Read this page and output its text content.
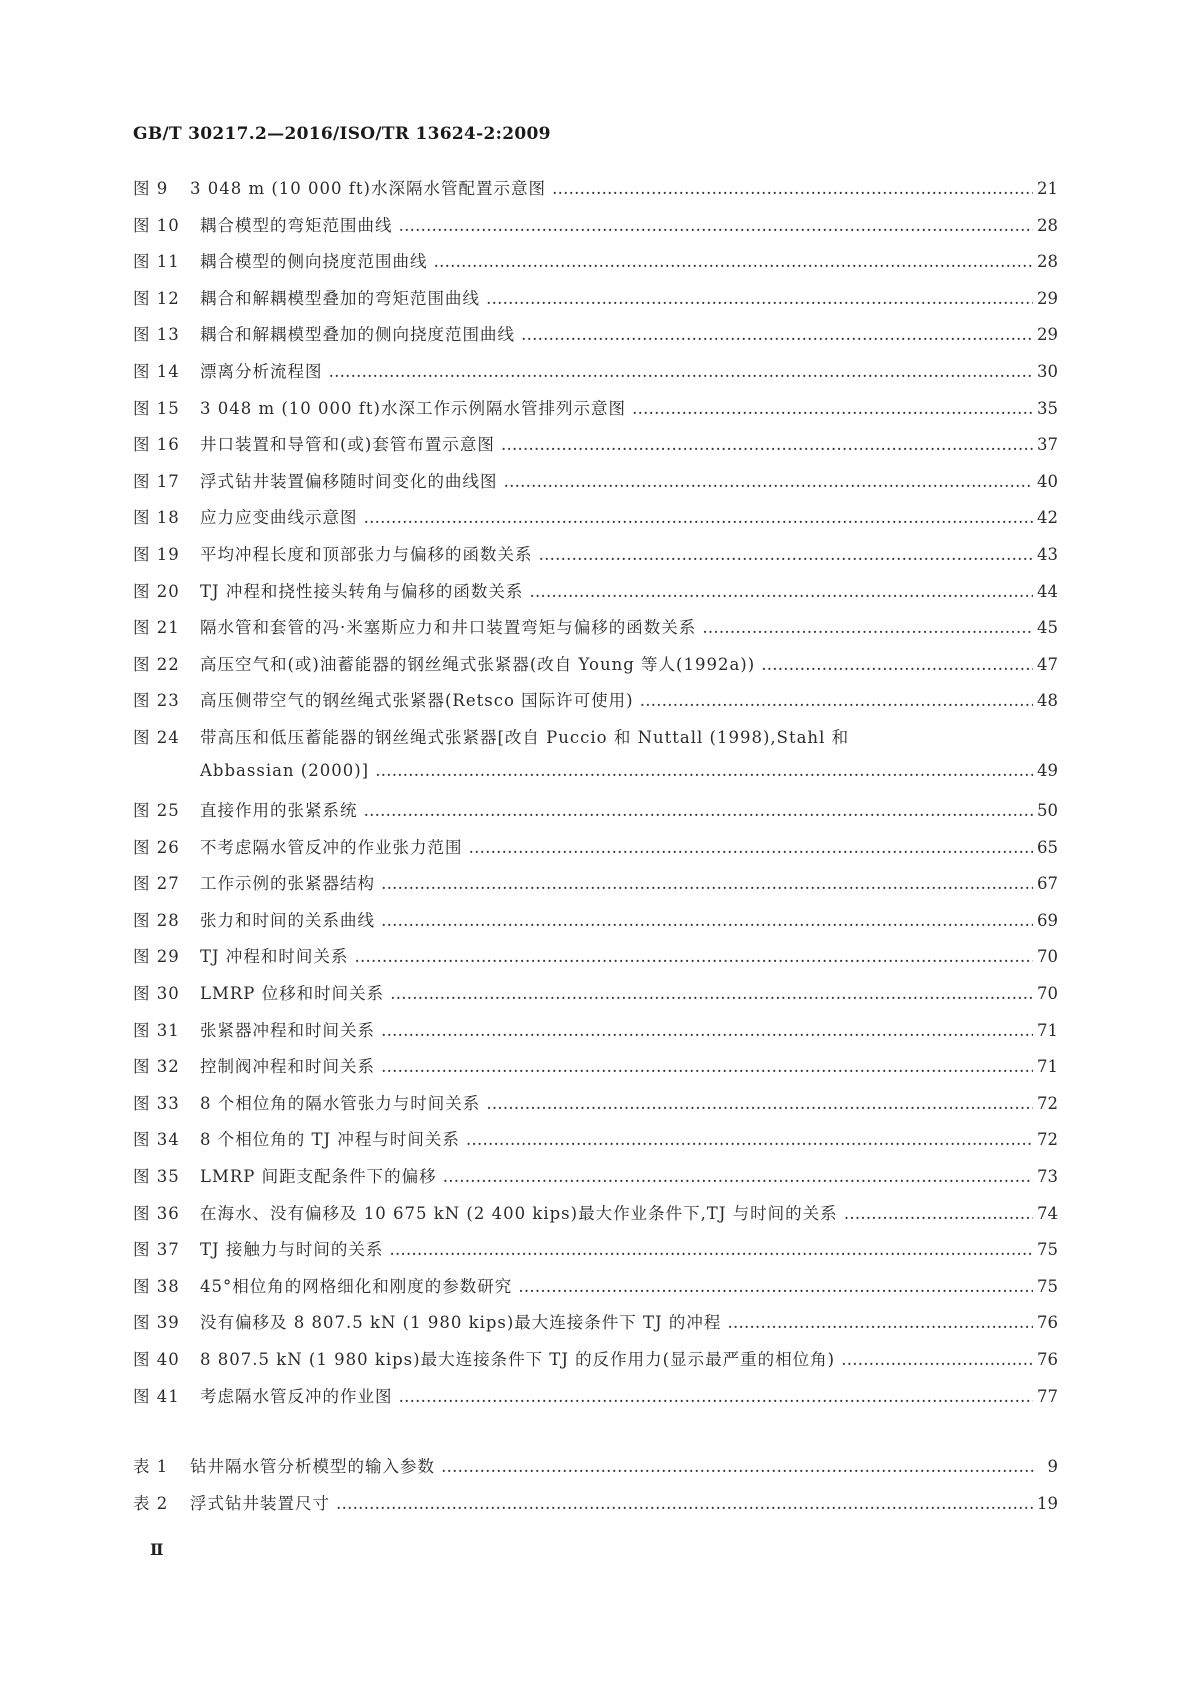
GB/T 30217.2—2016/ISO/TR 13624-2:2009
图 9	3 048 m (10 000 ft)水深隔水管配置示意图 …………………………………………………………………………………………………………………………………………………………………………………………………………………………………………………………………………………………………………	21
图 10	耦合模型的弯矩范围曲线 …………………………………………………………………………………………………………………………………………………………………………………………………………………………………………………………………………………………………………	28
图 11	耦合模型的侧向挠度范围曲线 …………………………………………………………………………………………………………………………………………………………………………………………………………………………………………………………………………………………………………	28
图 12	耦合和解耦模型叠加的弯矩范围曲线 …………………………………………………………………………………………………………………………………………………………………………………………………………………………………………………………………………………………………………	29
图 13	耦合和解耦模型叠加的侧向挠度范围曲线 …………………………………………………………………………………………………………………………………………………………………………………………………………………………………………………………………………………………………………	29
图 14	漂离分析流程图 …………………………………………………………………………………………………………………………………………………………………………………………………………………………………………………………………………………………………………	30
图 15	3 048 m (10 000 ft)水深工作示例隔水管排列示意图 …………………………………………………………………………………………………………………………………………………………………………………………………………………………………………………………………………………………………………	35
图 16	井口装置和导管和(或)套管布置示意图 …………………………………………………………………………………………………………………………………………………………………………………………………………………………………………………………………………………………………………	37
图 17	浮式钻井装置偏移随时间变化的曲线图 …………………………………………………………………………………………………………………………………………………………………………………………………………………………………………………………………………………………………………	40
图 18	应力应变曲线示意图 …………………………………………………………………………………………………………………………………………………………………………………………………………………………………………………………………………………………………………	42
图 19	平均冲程长度和顶部张力与偏移的函数关系 …………………………………………………………………………………………………………………………………………………………………………………………………………………………………………………………………………………………………………	43
图 20	TJ 冲程和挠性接头转角与偏移的函数关系 …………………………………………………………………………………………………………………………………………………………………………………………………………………………………………………………………………………………………………	44
图 21	隔水管和套管的冯·米塞斯应力和井口装置弯矩与偏移的函数关系 …………………………………………………………………………………………………………………………………………………………………………………………………………………………………………………………………………………………………………	45
图 22	高压空气和(或)油蓄能器的钢丝绳式张紧器(改自 Young 等人(1992a)) …………………………………………………………………………………………………………………………………………………………………………………………………………………………………………………………………………………………………………	47
图 23	高压侧带空气的钢丝绳式张紧器(Retsco 国际许可使用) …………………………………………………………………………………………………………………………………………………………………………………………………………………………………………………………………………………………………………	48
图 24	带高压和低压蓄能器的钢丝绳式张紧器[改自 Puccio 和 Nuttall (1998),Stahl 和
Abbassian (2000)] …………………………………………………………………………………………………………………………………………………………………………………………………………………………………………………………………………………………………………	49
图 25	直接作用的张紧系统 …………………………………………………………………………………………………………………………………………………………………………………………………………………………………………………………………………………………………………	50
图 26	不考虑隔水管反冲的作业张力范围 …………………………………………………………………………………………………………………………………………………………………………………………………………………………………………………………………………………………………………	65
图 27	工作示例的张紧器结构 …………………………………………………………………………………………………………………………………………………………………………………………………………………………………………………………………………………………………………	67
图 28	张力和时间的关系曲线 …………………………………………………………………………………………………………………………………………………………………………………………………………………………………………………………………………………………………………	69
图 29	TJ 冲程和时间关系 …………………………………………………………………………………………………………………………………………………………………………………………………………………………………………………………………………………………………………	70
图 30	LMRP 位移和时间关系 …………………………………………………………………………………………………………………………………………………………………………………………………………………………………………………………………………………………………………	70
图 31	张紧器冲程和时间关系 …………………………………………………………………………………………………………………………………………………………………………………………………………………………………………………………………………………………………………	71
图 32	控制阀冲程和时间关系 …………………………………………………………………………………………………………………………………………………………………………………………………………………………………………………………………………………………………………	71
图 33	8 个相位角的隔水管张力与时间关系 …………………………………………………………………………………………………………………………………………………………………………………………………………………………………………………………………………………………………………	72
图 34	8 个相位角的 TJ 冲程与时间关系 …………………………………………………………………………………………………………………………………………………………………………………………………………………………………………………………………………………………………………	72
图 35	LMRP 间距支配条件下的偏移 …………………………………………………………………………………………………………………………………………………………………………………………………………………………………………………………………………………………………………	73
图 36	在海水、没有偏移及 10 675 kN (2 400 kips)最大作业条件下,TJ 与时间的关系 …………………………………………………………………………………………………………………………………………………………………………………………………………………………………………………………………………………………………………	74
图 37	TJ 接触力与时间的关系 …………………………………………………………………………………………………………………………………………………………………………………………………………………………………………………………………………………………………………	75
图 38	45°相位角的网格细化和刚度的参数研究 …………………………………………………………………………………………………………………………………………………………………………………………………………………………………………………………………………………………………………	75
图 39	没有偏移及 8 807.5 kN (1 980 kips)最大连接条件下 TJ 的冲程 …………………………………………………………………………………………………………………………………………………………………………………………………………………………………………………………………………………………………………	76
图 40	8 807.5 kN (1 980 kips)最大连接条件下 TJ 的反作用力(显示最严重的相位角) …………………………………………………………………………………………………………………………………………………………………………………………………………………………………………………………………………………………………………	76
图 41	考虑隔水管反冲的作业图 …………………………………………………………………………………………………………………………………………………………………………………………………………………………………………………………………………………………………………	77
表 1	钻井隔水管分析模型的输入参数 …………………………………………………………………………………………………………………………………………………………………………………………………………………………………………………………………………………………………………	9
表 2	浮式钻井装置尺寸 …………………………………………………………………………………………………………………………………………………………………………………………………………………………………………………………………………………………………………	19
Ⅱ
